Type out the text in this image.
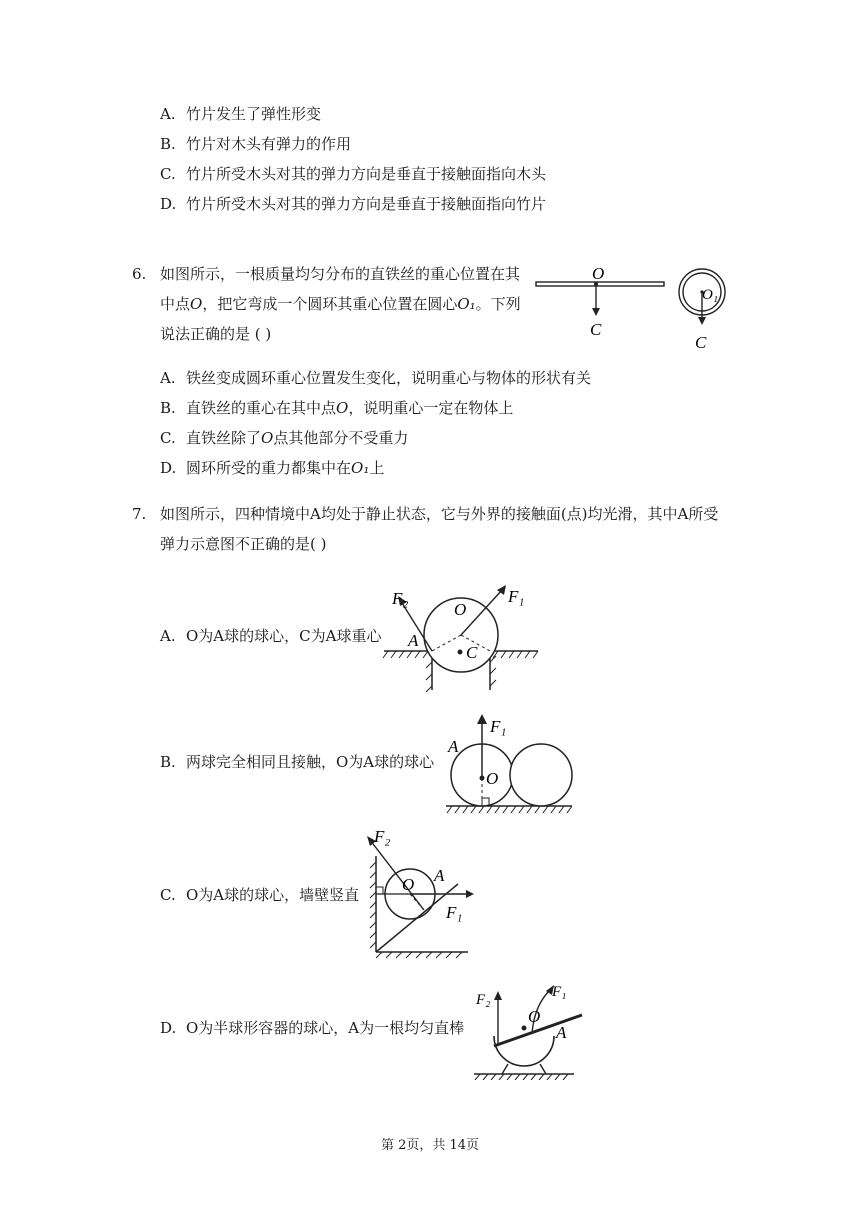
A. 竹片发生了弹性形变
B. 竹片对木头有弹力的作用
C. 竹片所受木头对其的弹力方向是垂直于接触面指向木头
D. 竹片所受木头对其的弹力方向是垂直于接触面指向竹片
6. 如图所示，一根质量均匀分布的直铁丝的重心位置在其
中点O，把它弯成一个圆环其重心位置在圆心O₁。下列
说法正确的是 ( )
O
C
O₁
C
A. 铁丝变成圆环重心位置发生变化，说明重心与物体的形状有关
B. 直铁丝的重心在其中点O，说明重心一定在物体上
C. 直铁丝除了O点其他部分不受重力
D. 圆环所受的重力都集中在O₁上
7. 如图所示，四种情境中A均处于静止状态，它与外界的接触面(点)均光滑，其中A所受
弹力示意图不正确的是( )
A. O为A球的球心，C为A球重心
F₂	F₁
O
A
C
B. 两球完全相同且接触，O为A球的球心
F₁
A
O
C. O为A球的球心，墙壁竖直
F₂
O A
F₁
D. O为半球形容器的球心，A为一根均匀直棒
F₂	F₁
O
A
第 2页，共 14页
